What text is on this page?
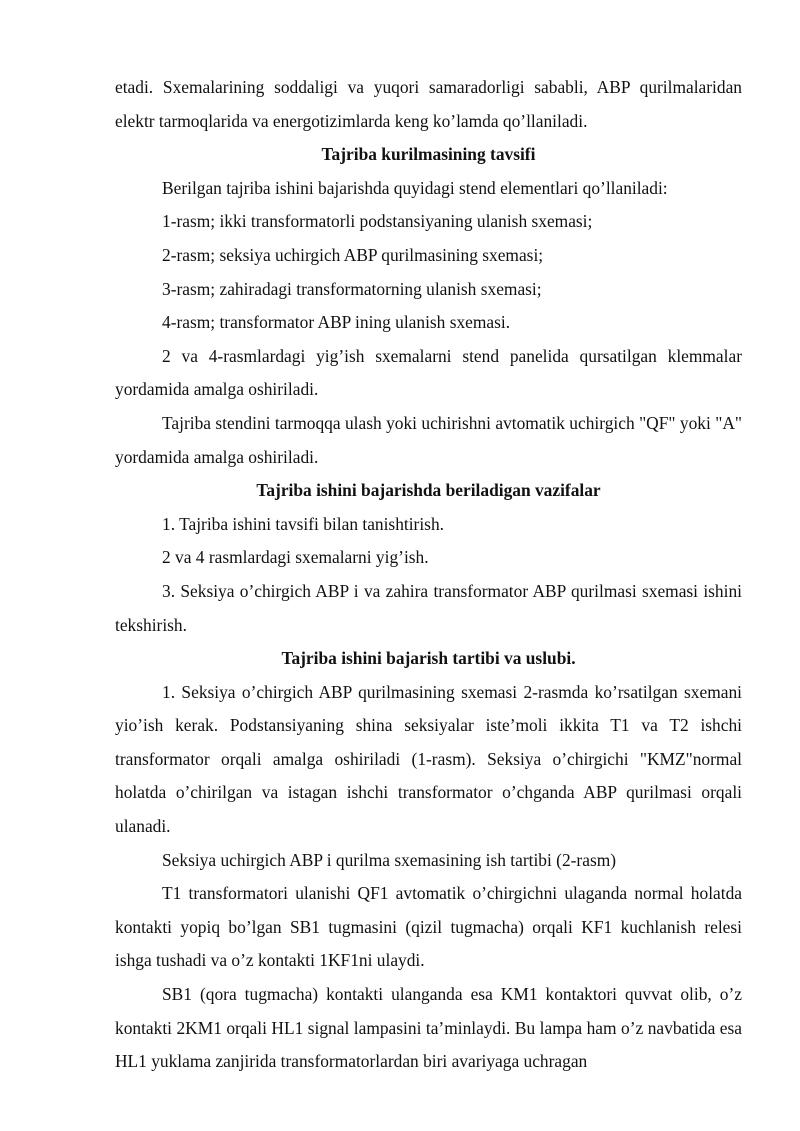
etadi. Sxemalarining soddaligi va yuqori samaradorligi sababli, ABP qurilmalaridan elektr tarmoqlarida va energotizimlarda keng ko’lamda qo’llaniladi.

Tajriba kurilmasining tavsifi

Berilgan tajriba ishini bajarishda quyidagi stend elementlari qo’llaniladi:

1-rasm; ikki transformatorli podstansiyaning ulanish sxemasi;

2-rasm; seksiya uchirgich ABP qurilmasining sxemasi;

3-rasm; zahiradagi transformatorning ulanish sxemasi;

4-rasm; transformator ABP ining ulanish sxemasi.

2 va 4-rasmlardagi yig’ish sxemalarni stend panelida qursatilgan klemmalar yordamida amalga oshiriladi.

Tajriba stendini tarmoqqa ulash yoki uchirishni avtomatik uchirgich "QF" yoki "A" yordamida amalga oshiriladi.

Tajriba ishini bajarishda beriladigan vazifalar

1. Tajriba ishini tavsifi bilan tanishtirish.

2 va 4 rasmlardagi sxemalarni yig’ish.

3. Seksiya o’chirgich ABP i va zahira transformator ABP qurilmasi sxemasi ishini tekshirish.

Tajriba ishini bajarish tartibi va uslubi.

1. Seksiya o’chirgich ABP qurilmasining sxemasi 2-rasmda ko’rsatilgan sxemani yio’ish kerak. Podstansiyaning shina seksiyalar iste’moli ikkita T1 va T2 ishchi transformator orqali amalga oshiriladi (1-rasm). Seksiya o’chirgichi "KMZ"normal holatda o’chirilgan va istagan ishchi transformator o’chganda ABP qurilmasi orqali ulanadi.

Seksiya uchirgich ABP i qurilma sxemasining ish tartibi (2-rasm)

T1 transformatori ulanishi QF1 avtomatik o’chirgichni ulaganda normal holatda kontakti yopiq bo’lgan SB1 tugmasini (qizil tugmacha) orqali KF1 kuchlanish relesi ishga tushadi va o’z kontakti 1KF1ni ulaydi.

SB1 (qora tugmacha) kontakti ulanganda esa KM1 kontaktori quvvat olib, o’z kontakti 2KM1 orqali HL1 signal lampasini ta’minlaydi. Bu lampa ham o’z navbatida esa HL1 yuklama zanjirida transformatorlardan biri avariyaga uchragan
